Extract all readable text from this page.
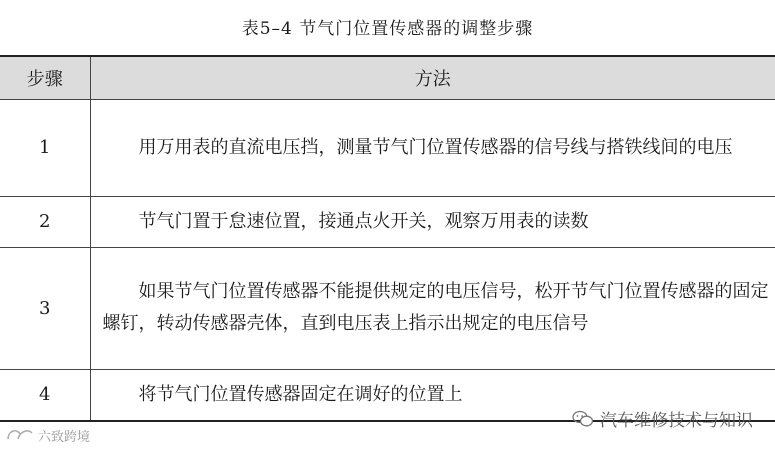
表5–4 节气门位置传感器的调整步骤
步骤	方法
1	用万用表的直流电压挡，测量节气门位置传感器的信号线与搭铁线间的电压
2	节气门置于怠速位置，接通点火开关，观察万用表的读数
3	如果节气门位置传感器不能提供规定的电压信号，松开节气门位置传感器的固定螺钉，转动传感器壳体，直到电压表上指示出规定的电压信号
4	将节气门位置传感器固定在调好的位置上
汽车维修技术与知识
六致跨境
